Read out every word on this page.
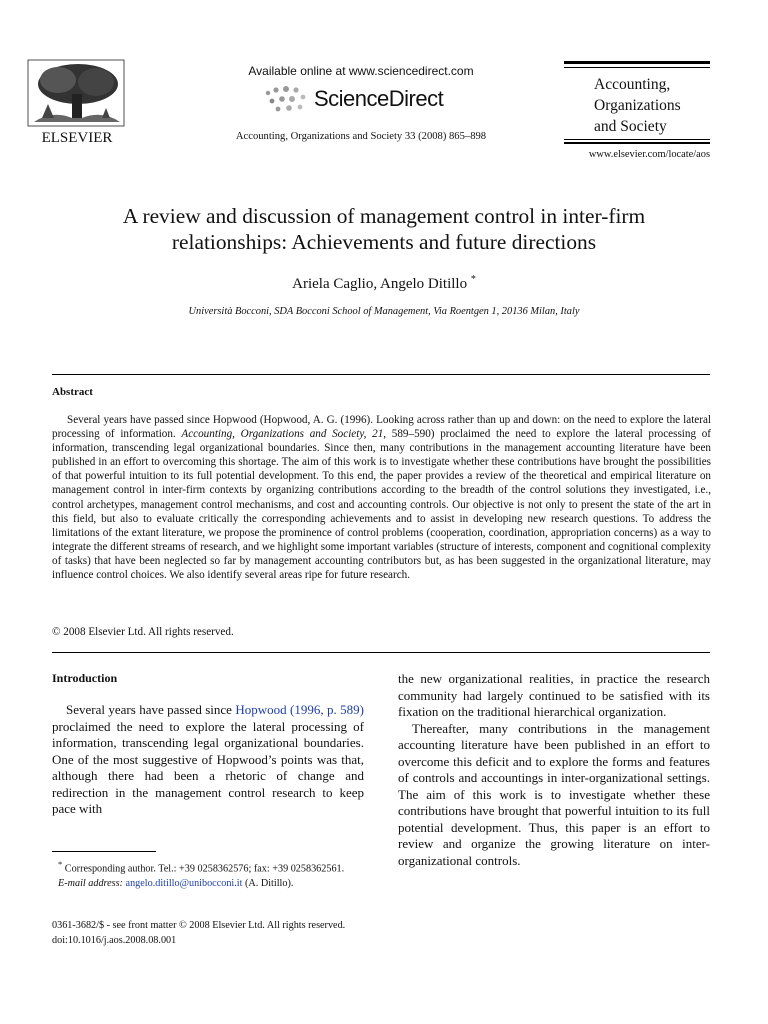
ELSEVIER
Available online at www.sciencedirect.com
ScienceDirect
Accounting, Organizations and Society 33 (2008) 865–898
Accounting,
Organizations
and Society
www.elsevier.com/locate/aos
A review and discussion of management control in inter-firm
relationships: Achievements and future directions
Ariela Caglio, Angelo Ditillo *
Università Bocconi, SDA Bocconi School of Management, Via Roentgen 1, 20136 Milan, Italy
Abstract

Several years have passed since Hopwood (Hopwood, A. G. (1996). Looking across rather than up and down: on the need to explore the lateral processing of information. Accounting, Organizations and Society, 21, 589–590) proclaimed the need to explore the lateral processing of information, transcending legal organizational boundaries. Since then, many contributions in the management accounting literature have been published in an effort to overcoming this shortage. The aim of this work is to investigate whether these contributions have brought the possibilities of that powerful intuition to its full potential development. To this end, the paper provides a review of the theoretical and empirical literature on management control in inter-firm contexts by organizing contributions according to the breadth of the control solutions they investigated, i.e., control archetypes, management control mechanisms, and cost and accounting controls. Our objective is not only to present the state of the art in this field, but also to evaluate critically the corresponding achievements and to assist in developing new research questions. To address the limitations of the extant literature, we propose the prominence of control problems (cooperation, coordination, appropriation concerns) as a way to integrate the different streams of research, and we highlight some important variables (structure of interests, component and cognitional complexity of tasks) that have been neglected so far by management accounting contributors but, as has been suggested in the organizational literature, may influence control choices. We also identify several areas ripe for future research.

© 2008 Elsevier Ltd. All rights reserved.
Introduction

Several years have passed since Hopwood (1996, p. 589) proclaimed the need to explore the lateral processing of information, transcending legal organizational boundaries. One of the most suggestive of Hopwood’s points was that, although there had been a rhetoric of change and redirection in the management control research to keep pace with

* Corresponding author. Tel.: +39 0258362576; fax: +39 0258362561.

E-mail address: angelo.ditillo@unibocconi.it (A. Ditillo).

0361-3682/$ - see front matter © 2008 Elsevier Ltd. All rights reserved.
doi:10.1016/j.aos.2008.08.001

the new organizational realities, in practice the research community had largely continued to be satisfied with its fixation on the traditional hierarchical organization.

Thereafter, many contributions in the management accounting literature have been published in an effort to overcome this deficit and to explore the forms and features of controls and accountings in inter-organizational settings. The aim of this work is to investigate whether these contributions have brought that powerful intuition to its full potential development. Thus, this paper is an effort to review and organize the growing literature on inter-organizational controls.
